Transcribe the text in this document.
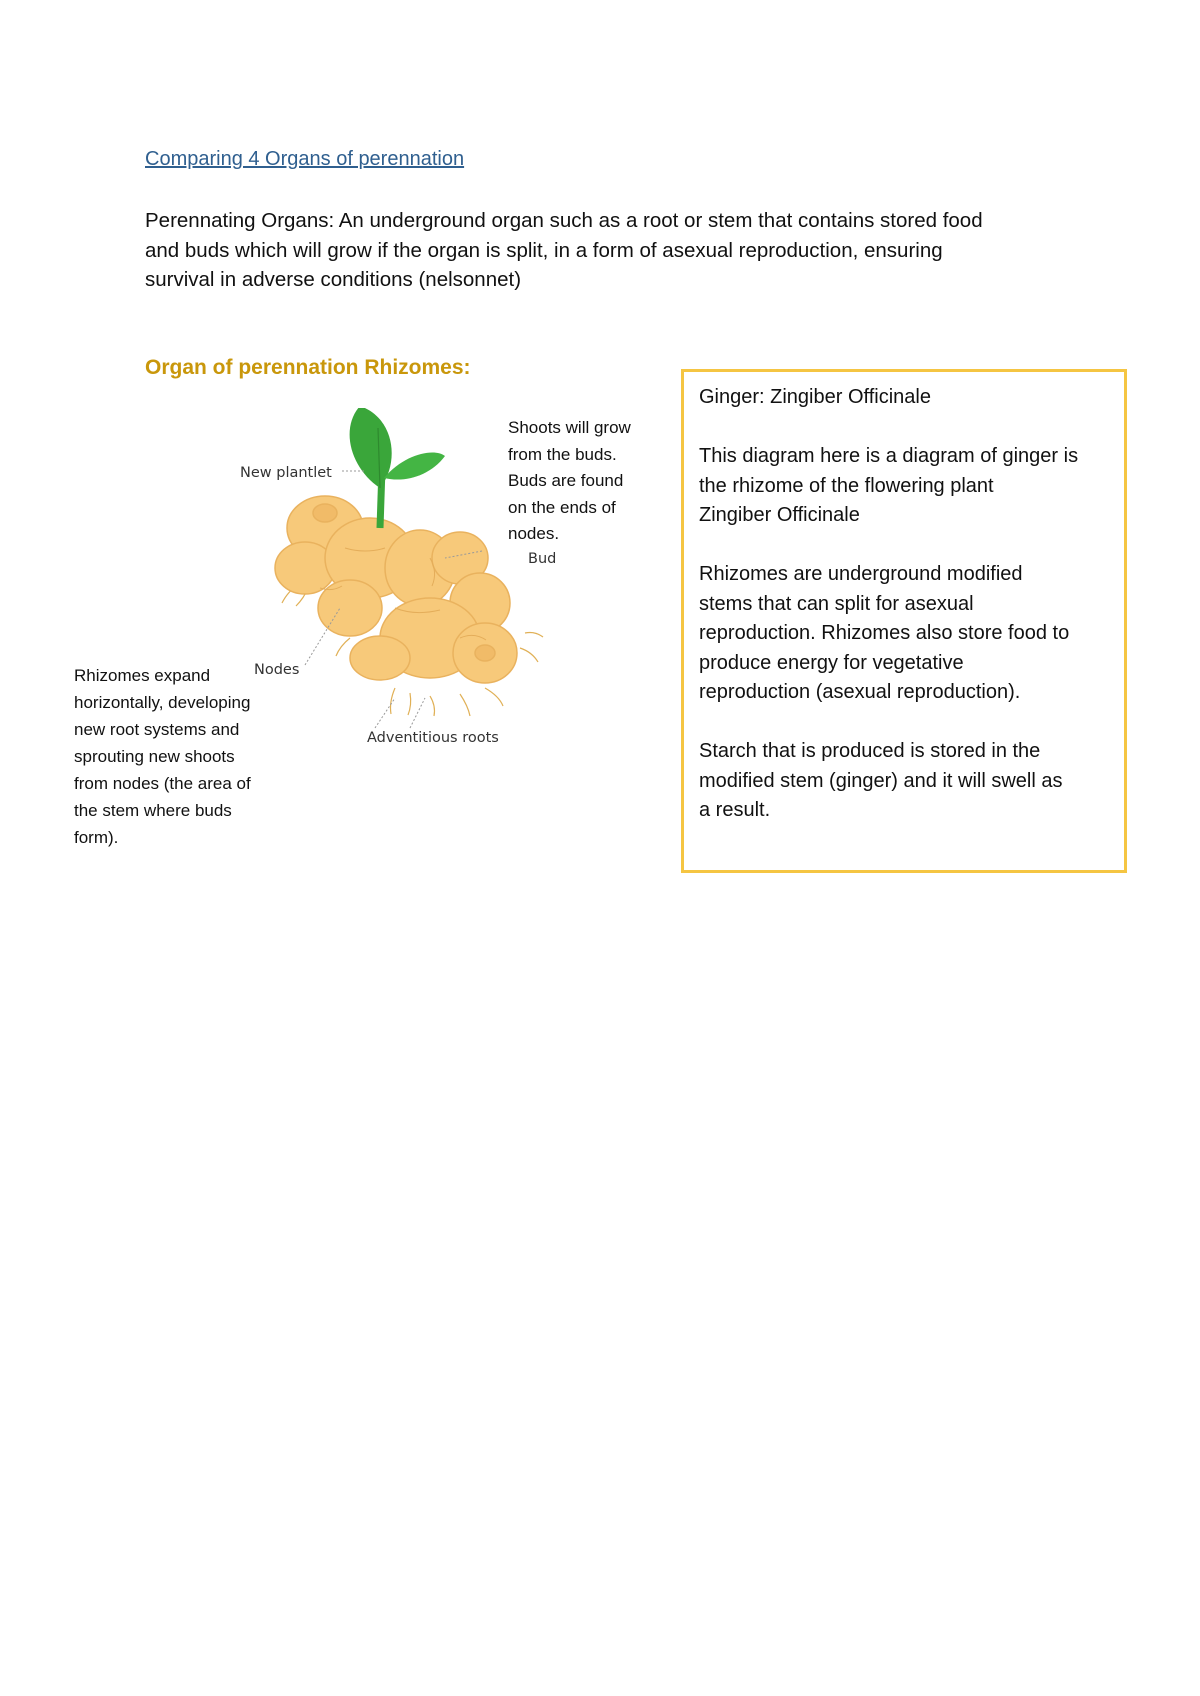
Comparing 4 Organs of perennation
Perennating Organs: An underground organ such as a root or stem that contains stored food
and buds which will grow if the organ is split, in a form of asexual reproduction, ensuring
survival in adverse conditions (nelsonnet)
Organ of perennation Rhizomes:
New plantlet
Bud
Nodes
Adventitious roots
Shoots will grow
from the buds.
Buds are found
on the ends of
nodes.
Rhizomes expand
horizontally, developing
new root systems and
sprouting new shoots
from nodes (the area of
the stem where buds
form).
Ginger: Zingiber Officinale
This diagram here is a diagram of ginger is
the rhizome of the flowering plant
Zingiber Officinale
Rhizomes are underground modified
stems that can split for asexual
reproduction. Rhizomes also store food to
produce energy for vegetative
reproduction (asexual reproduction).
Starch that is produced is stored in the
modified stem (ginger) and it will swell as
a result.
